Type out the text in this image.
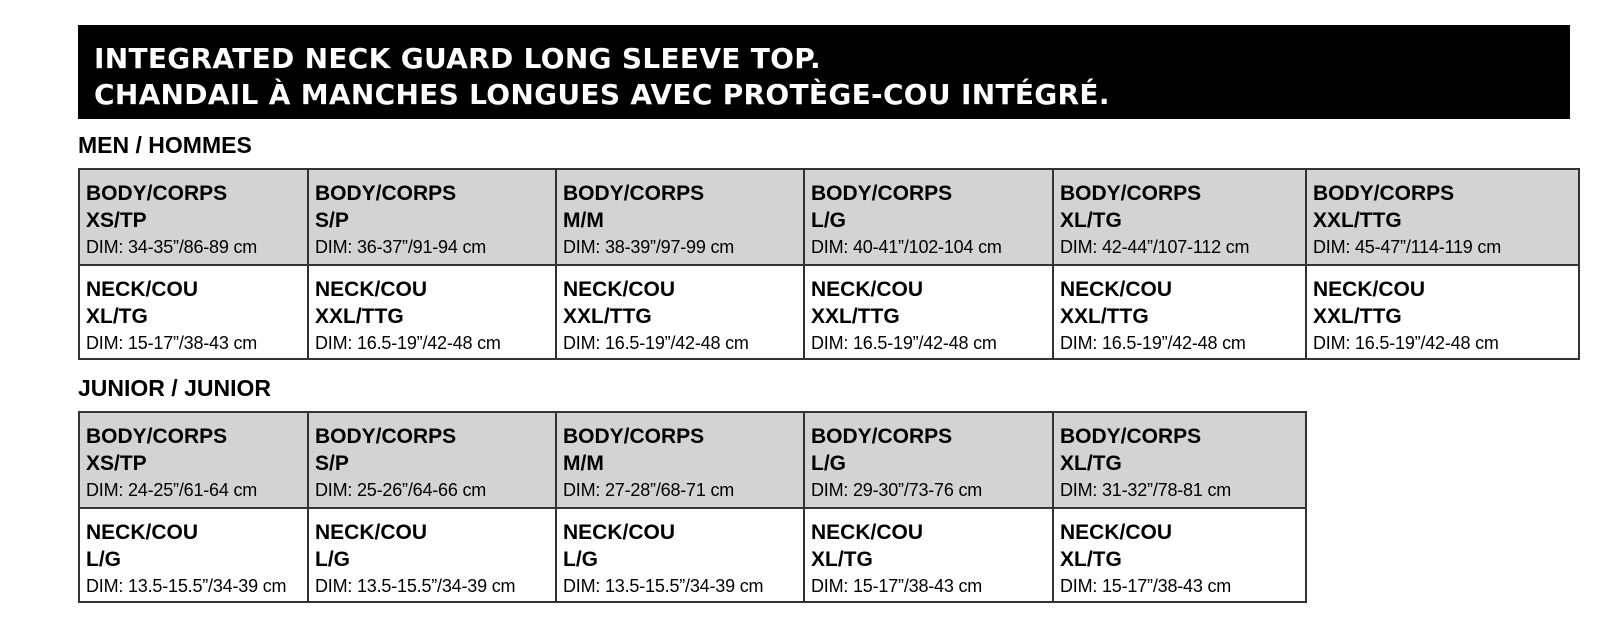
INTEGRATED NECK GUARD LONG SLEEVE TOP.
CHANDAIL À MANCHES LONGUES AVEC PROTÈGE-COU INTÉGRÉ.
MEN / HOMMES
BODY/CORPS
XS/TP
DIM: 34-35”/86-89 cm	BODY/CORPS
S/P
DIM: 36-37”/91-94 cm	BODY/CORPS
M/M
DIM: 38-39”/97-99 cm	BODY/CORPS
L/G
DIM: 40-41”/102-104 cm	BODY/CORPS
XL/TG
DIM: 42-44”/107-112 cm	BODY/CORPS
XXL/TTG
DIM: 45-47”/114-119 cm

NECK/COU
XL/TG
DIM: 15-17”/38-43 cm	NECK/COU
XXL/TTG
DIM: 16.5-19”/42-48 cm	NECK/COU
XXL/TTG
DIM: 16.5-19”/42-48 cm	NECK/COU
XXL/TTG
DIM: 16.5-19”/42-48 cm	NECK/COU
XXL/TTG
DIM: 16.5-19”/42-48 cm	NECK/COU
XXL/TTG
DIM: 16.5-19”/42-48 cm
JUNIOR / JUNIOR
BODY/CORPS
XS/TP
DIM: 24-25”/61-64 cm	BODY/CORPS
S/P
DIM: 25-26”/64-66 cm	BODY/CORPS
M/M
DIM: 27-28”/68-71 cm	BODY/CORPS
L/G
DIM: 29-30”/73-76 cm	BODY/CORPS
XL/TG
DIM: 31-32”/78-81 cm

NECK/COU
L/G
DIM: 13.5-15.5”/34-39 cm	NECK/COU
L/G
DIM: 13.5-15.5”/34-39 cm	NECK/COU
L/G
DIM: 13.5-15.5”/34-39 cm	NECK/COU
XL/TG
DIM: 15-17”/38-43 cm	NECK/COU
XL/TG
DIM: 15-17”/38-43 cm
